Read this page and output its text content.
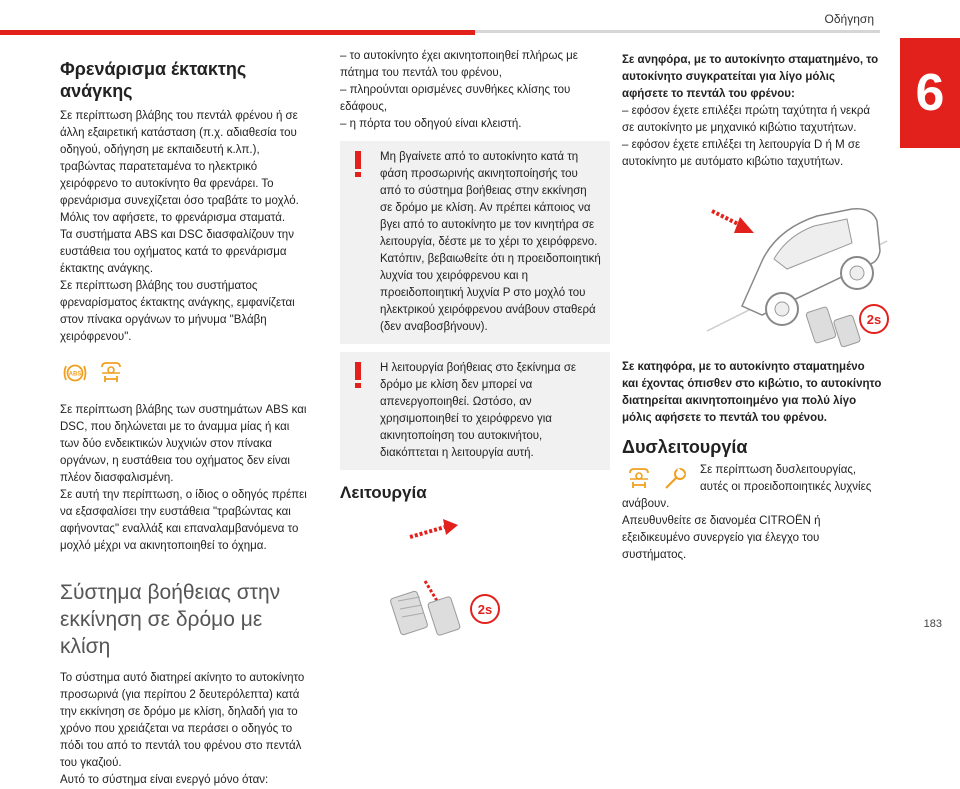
Οδήγηση
6
183
Φρενάρισμα έκτακτης ανάγκης
Σε περίπτωση βλάβης του πεντάλ φρένου ή σε άλλη εξαιρετική κατάσταση (π.χ. αδιαθεσία του οδηγού, οδήγηση με εκπαιδευτή κ.λπ.), τραβώντας παρατεταμένα το ηλεκτρικό χειρόφρενο το αυτοκίνητο θα φρενάρει. Το φρενάρισμα συνεχίζεται όσο τραβάτε το μοχλό. Μόλις τον αφήσετε, το φρενάρισμα σταματά.
Τα συστήματα ABS και DSC διασφαλίζουν την ευστάθεια του οχήματος κατά το φρενάρισμα έκτακτης ανάγκης.
Σε περίπτωση βλάβης του συστήματος φρεναρίσματος έκτακτης ανάγκης, εμφανίζεται στον πίνακα οργάνων το μήνυμα "Βλάβη χειρόφρενου".
ABS
Σε περίπτωση βλάβης των συστημάτων ABS και DSC, που δηλώνεται με το άναμμα μίας ή και των δύο ενδεικτικών λυχνιών στον πίνακα οργάνων, η ευστάθεια του οχήματος δεν είναι πλέον διασφαλισμένη.
Σε αυτή την περίπτωση, ο ίδιος ο οδηγός πρέπει να εξασφαλίσει την ευστάθεια "τραβώντας και αφήνοντας" εναλλάξ και επαναλαμβανόμενα το μοχλό μέχρι να ακινητοποιηθεί το όχημα.
Σύστημα βοήθειας στην εκκίνηση σε δρόμο με κλίση
Το σύστημα αυτό διατηρεί ακίνητο το αυτοκίνητο προσωρινά (για περίπου 2 δευτερόλεπτα) κατά την εκκίνηση σε δρόμο με κλίση, δηλαδή για το χρόνο που χρειάζεται να περάσει ο οδηγός το πόδι του από το πεντάλ του φρένου στο πεντάλ του γκαζιού.
Αυτό το σύστημα είναι ενεργό μόνο όταν:
– το αυτοκίνητο έχει ακινητοποιηθεί πλήρως με πάτημα του πεντάλ του φρένου,
– πληρούνται ορισμένες συνθήκες κλίσης του εδάφους,
– η πόρτα του οδηγού είναι κλειστή.
Μη βγαίνετε από το αυτοκίνητο κατά τη φάση προσωρινής ακινητοποίησής του από το σύστημα βοήθειας στην εκκίνηση σε δρόμο με κλίση. Αν πρέπει κάποιος να βγει από το αυτοκίνητο με τον κινητήρα σε λειτουργία, δέστε με το χέρι το χειρόφρενο. Κατόπιν, βεβαιωθείτε ότι η προειδοποιητική λυχνία του χειρόφρενου και η προειδοποιητική λυχνία P στο μοχλό του ηλεκτρικού χειρόφρενου ανάβουν σταθερά (δεν αναβοσβήνουν).
Η λειτουργία βοήθειας στο ξεκίνημα σε δρόμο με κλίση δεν μπορεί να απενεργοποιηθεί. Ωστόσο, αν χρησιμοποιηθεί το χειρόφρενο για ακινητοποίηση του αυτοκινήτου, διακόπτεται η λειτουργία αυτή.
Λειτουργία
2s
Σε ανηφόρα, με το αυτοκίνητο σταματημένο, το αυτοκίνητο συγκρατείται για λίγο μόλις αφήσετε το πεντάλ του φρένου:
– εφόσον έχετε επιλέξει πρώτη ταχύτητα ή νεκρά σε αυτοκίνητο με μηχανικό κιβώτιο ταχυτήτων.
– εφόσον έχετε επιλέξει τη λειτουργία D ή M σε αυτοκίνητο με αυτόματο κιβώτιο ταχυτήτων.
2s
Σε κατηφόρα, με το αυτοκίνητο σταματημένο και έχοντας όπισθεν στο κιβώτιο, το αυτοκίνητο διατηρείται ακινητοποιημένο για πολύ λίγο μόλις αφήσετε το πεντάλ του φρένου.
Δυσλειτουργία
Σε περίπτωση δυσλειτουργίας, αυτές οι προειδοποιητικές λυχνίες ανάβουν.
Απευθυνθείτε σε διανομέα CITROËN ή εξειδικευμένο συνεργείο για έλεγχο του συστήματος.
